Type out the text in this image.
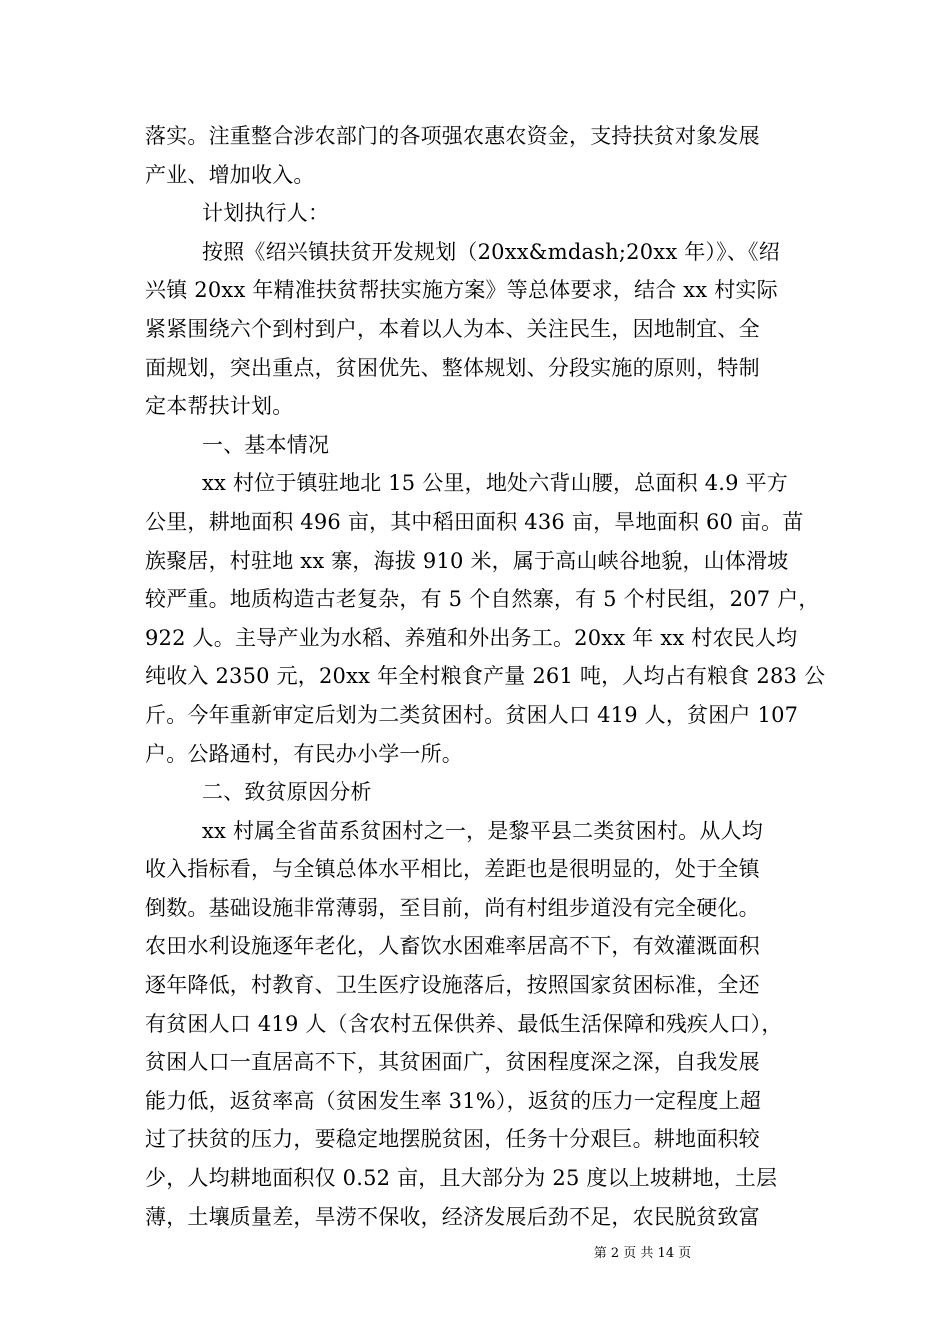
落实。注重整合涉农部门的各项强农惠农资金，支持扶贫对象发展
产业、增加收入。
计划执行人：
按照《绍兴镇扶贫开发规划（20xx&mdash;20xx 年）》、《绍
兴镇 20xx 年精准扶贫帮扶实施方案》等总体要求，结合 xx 村实际
紧紧围绕六个到村到户，本着以人为本、关注民生，因地制宜、全
面规划，突出重点，贫困优先、整体规划、分段实施的原则，特制
定本帮扶计划。
一、基本情况
xx 村位于镇驻地北 15 公里，地处六背山腰，总面积 4.9 平方
公里，耕地面积 496 亩，其中稻田面积 436 亩，旱地面积 60 亩。苗
族聚居，村驻地 xx 寨，海拔 910 米，属于高山峡谷地貌，山体滑坡
较严重。地质构造古老复杂，有 5 个自然寨，有 5 个村民组，207 户，
922 人。主导产业为水稻、养殖和外出务工。20xx 年 xx 村农民人均
纯收入 2350 元，20xx 年全村粮食产量 261 吨，人均占有粮食 283 公
斤。今年重新审定后划为二类贫困村。贫困人口 419 人，贫困户 107
户。公路通村，有民办小学一所。
二、致贫原因分析
xx 村属全省苗系贫困村之一，是黎平县二类贫困村。从人均
收入指标看，与全镇总体水平相比，差距也是很明显的，处于全镇
倒数。基础设施非常薄弱，至目前，尚有村组步道没有完全硬化。
农田水利设施逐年老化，人畜饮水困难率居高不下，有效灌溉面积
逐年降低，村教育、卫生医疗设施落后，按照国家贫困标准，全还
有贫困人口 419 人（含农村五保供养、最低生活保障和残疾人口），
贫困人口一直居高不下，其贫困面广，贫困程度深之深，自我发展
能力低，返贫率高（贫困发生率 31%），返贫的压力一定程度上超
过了扶贫的压力，要稳定地摆脱贫困，任务十分艰巨。耕地面积较
少，人均耕地面积仅 0.52 亩，且大部分为 25 度以上坡耕地，土层
薄，土壤质量差，旱涝不保收，经济发展后劲不足，农民脱贫致富
第 2 页 共 14 页
